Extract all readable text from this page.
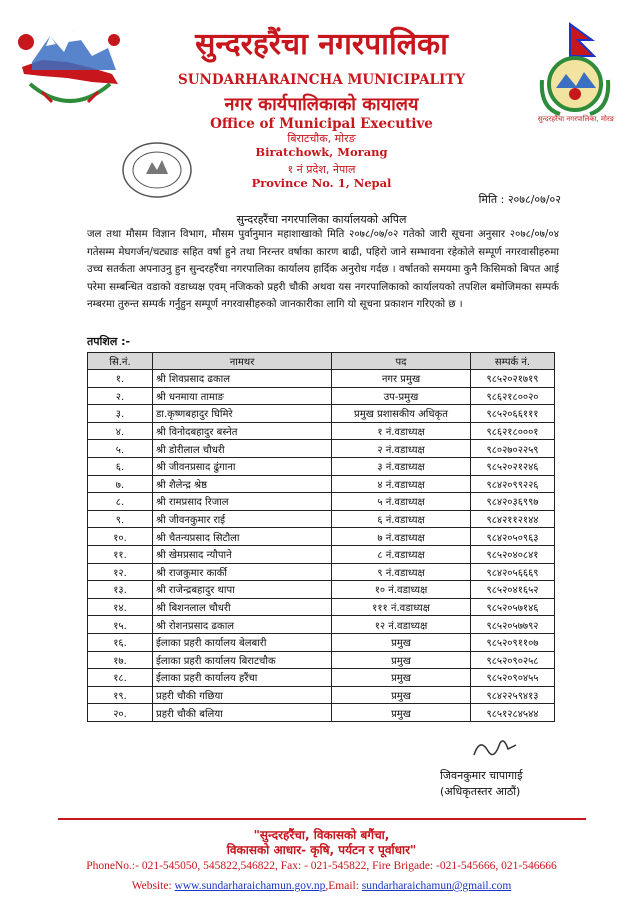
सुन्दरहरैंचा नगरपालिका, मोरङ
सुन्दरहरैंचा नगरपालिका
SUNDARHARAINCHA MUNICIPALITY
नगर कार्यपालिकाको कायालय
Office of Municipal Executive
बिराटचौक, मोरङ
Biratchowk, Morang
१ नं प्रदेश, नेपाल
Province No. 1, Nepal
मिति : २०७८/०७/०२
सुन्दरहरैंचा नगरपालिका कार्यालयको अपिल
जल तथा मौसम विज्ञान विभाग, मौसम पुर्वानुमान महाशाखाको मिति २०७८/०७/०२ गतेको जारी सूचना अनुसार २०७८/०७/०४ गतेसम्म मेघगर्जन/चट्याङ सहित वर्षा हुने तथा निरन्तर वर्षाका कारण बाढी, पहिरो जाने सम्भावना रहेकोले सम्पूर्ण नगरवासीहरुमा उच्च सतर्कता अपनाउनु हुन सुन्दरहरैंचा नगरपालिका कार्यालय हार्दिक अनुरोध गर्दछ । वर्षातको समयमा कुनै किसिमको बिपत आई परेमा सम्बन्धित वडाको वडाध्यक्ष एवम् नजिकको प्रहरी चौकी अथवा यस नगरपालिकाको कार्यालयको तपशिल बमोजिमका सम्पर्क नम्बरमा तुरुन्त सम्पर्क गर्नुहुन सम्पूर्ण नगरवासीहरुको जानकारीका लागि यो सूचना प्रकाशन गरिएको छ ।
तपशिल :-
सि.नं.	नामथर	पद	सम्पर्क नं.
१.	श्री शिवप्रसाद ढकाल	नगर प्रमुख	९८५२०२१७१९
२.	श्री धनमाया तामाङ	उप-प्रमुख	९८६२१८००२०
३.	डा.कृष्णबहादुर घिमिरे	प्रमुख प्रशासकीय अधिकृत	९८५२०६६१११
४.	श्री विनोदबहादुर बस्नेत	१ नं.वडाध्यक्ष	९८६२१८०००१
५.	श्री डोरीलाल चौधरी	२ नं.वडाध्यक्ष	९८०२७०२२५९
६.	श्री जीवनप्रसाद ढुंगाना	३ नं.वडाध्यक्ष	९८५२०२१२४६
७.	श्री शैलेन्द्र श्रेष्ठ	४ नं.वडाध्यक्ष	९८४२०९९२२६
८.	श्री रामप्रसाद रिजाल	५ नं.वडाध्यक्ष	९८४२०३६९९७
९.	श्री जीवनकुमार राई	६ नं.वडाध्यक्ष	९८४२११२१४४
१०.	श्री चैतन्यप्रसाद सिटौला	७ नं.वडाध्यक्ष	९८४२०५०९६३
११.	श्री खेमप्रसाद न्यौपाने	८ नं.वडाध्यक्ष	९८५२०४०८४१
१२.	श्री राजकुमार कार्की	९ नं.वडाध्यक्ष	९८४२०५६६६९
१३.	श्री राजेन्द्रबहादुर थापा	१० नं.वडाध्यक्ष	९८५२०४१६५२
१४.	श्री बिशनलाल चौधरी	१११ नं.वडाध्यक्ष	९८५२०५७१४६
१५.	श्री रोशनप्रसाद ढकाल	१२ नं.वडाध्यक्ष	९८५२०५७७९२
१६.	ईलाका प्रहरी कार्यालय बेलबारी	प्रमुख	९८५२०९११०७
१७.	ईलाका प्रहरी कार्यालय बिराटचौक	प्रमुख	९८५२०९०२५८
१८.	ईलाका प्रहरी कार्यालय हरैंचा	प्रमुख	९८५२०९०४५५
१९.	प्रहरी चौकी गछिया	प्रमुख	९८४२२५९४१३
२०.	प्रहरी चौकी बलिया	प्रमुख	९८५१२८४५४४
जिवनकुमार चापागाई
(अधिकृतस्तर आठौं)
"सुन्दरहरैंचा, विकासको बगैंचा,
विकासको आधार- कृषि, पर्यटन र पूर्वाधार"
PhoneNo.:- 021-545050, 545822,546822, Fax: - 021-545822, Fire Brigade: -021-545666, 021-546666
Website: www.sundarharaichamun.gov.np,Email: sundarharaichamun@gmail.com
